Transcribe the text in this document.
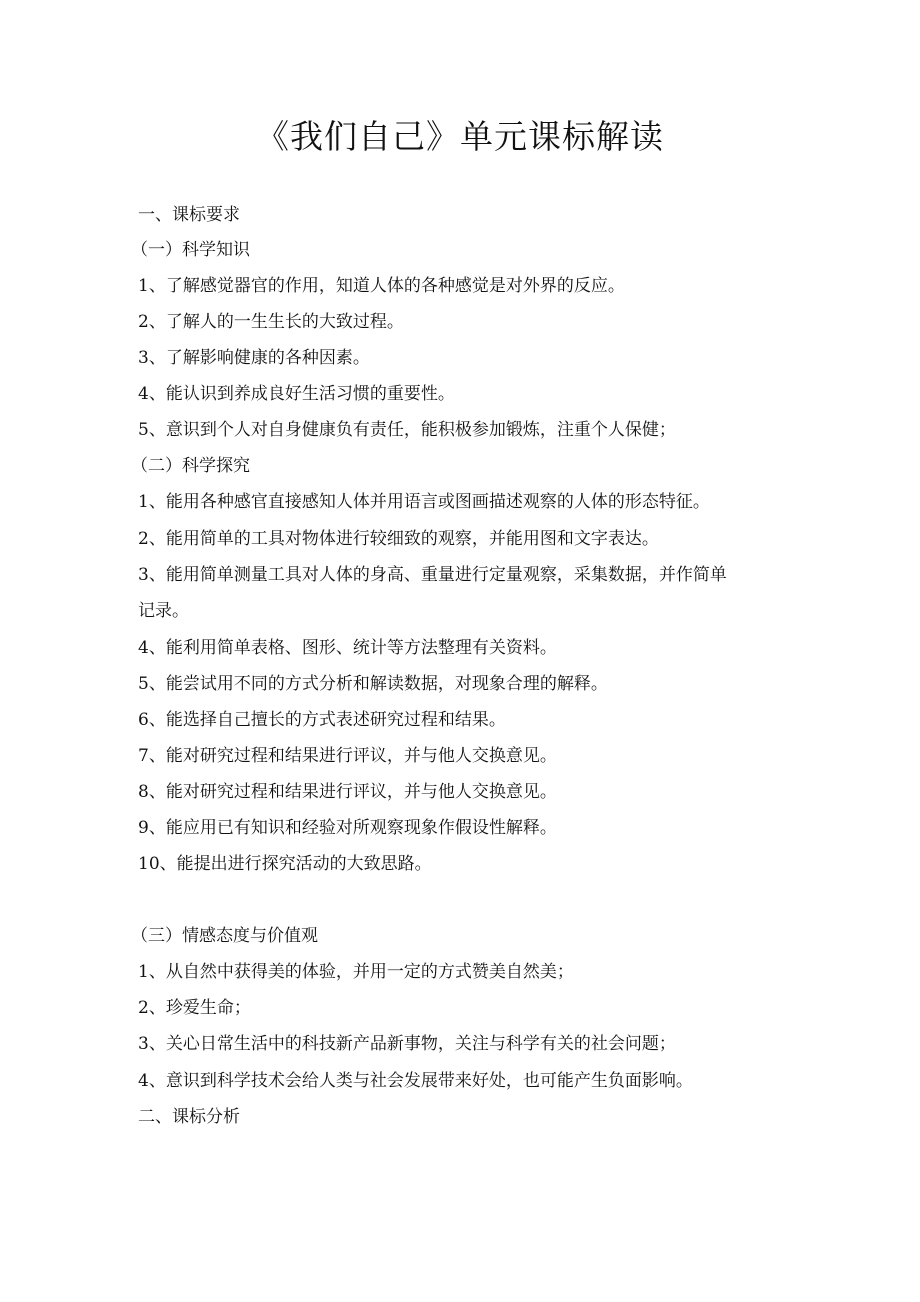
《我们自己》单元课标解读

一、课标要求

（一）科学知识

1、了解感觉器官的作用，知道人体的各种感觉是对外界的反应。

2、了解人的一生生长的大致过程。

3、了解影响健康的各种因素。

4、能认识到养成良好生活习惯的重要性。

5、意识到个人对自身健康负有责任，能积极参加锻炼，注重个人保健；

（二）科学探究

1、能用各种感官直接感知人体并用语言或图画描述观察的人体的形态特征。

2、能用简单的工具对物体进行较细致的观察，并能用图和文字表达。

3、能用简单测量工具对人体的身高、重量进行定量观察，采集数据，并作简单

记录。

4、能利用简单表格、图形、统计等方法整理有关资料。

5、能尝试用不同的方式分析和解读数据，对现象合理的解释。

6、能选择自己擅长的方式表述研究过程和结果。

7、能对研究过程和结果进行评议，并与他人交换意见。

8、能对研究过程和结果进行评议，并与他人交换意见。

9、能应用已有知识和经验对所观察现象作假设性解释。

10、能提出进行探究活动的大致思路。

（三）情感态度与价值观

1、从自然中获得美的体验，并用一定的方式赞美自然美；

2、珍爱生命；

3、关心日常生活中的科技新产品新事物，关注与科学有关的社会问题；

4、意识到科学技术会给人类与社会发展带来好处，也可能产生负面影响。

二、课标分析
